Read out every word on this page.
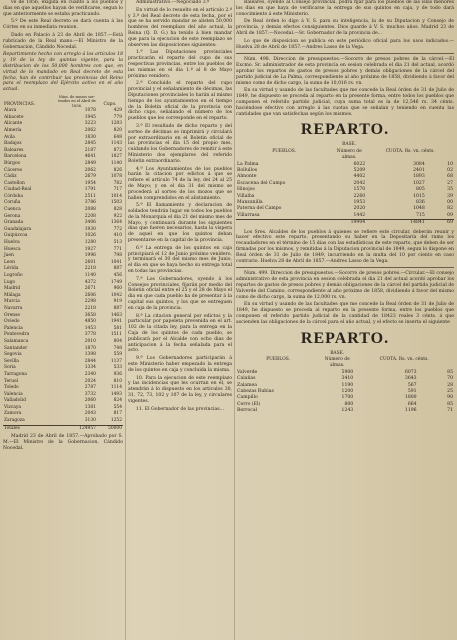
ve de 1856, exigida en cuanto á los pueblos y dias en que aquellos hayan de verificarse, segun lo que anteriormente se estaba practicando.

5.º De este Real decreto se dará cuenta á las Córtes en su inmediata reunion.

Dado en Palacio á 23 de Abril de 1857.—Está rubricado de la Real mano.—El Ministro de la Gobernacion, Cándido Nocedal.

Repartimiento hecho con arreglo á los artículos 18 y 19 de la ley de quintas vigente, para la distribucion de los 50,000 hombres con que, en virtud de lo mandado en Real decreto de esta fecha, han de contribuir las provincias del Reino para el reemplazo del Ejército activo en el año actual.

PROVINCIAS.	Núm. de mozos sor-teados en el Abril de 1856.	Cupo.
Alava	1078	429
Albacete	1945	779
Alicante	3223	1283
Almería	2062	820
Avila	1830	648
Badajoz	2845	1143
Baleares	2187	872
Barcelona	4641	1827
Búrgos	2849	1140
Cáceres	2062	826
Cádiz	2679	1078
Castellon	1954	782
Ciudad-Real	1791	717
Córdoba	2511	1014
Coruña	3786	1503
Cuenca	2088	828
Gerona	2208	922
Granada	3406	1364
Guadalajara	1930	772
Guipúzcoa	1026	410
Huelva	1280	513
Huesca	1927	771
Jaen	1996	798
Leon	2601	1041
Lérida	2218	887
Logroño	1140	456
Lugo	4372	1749
Madrid	2671	960
Málaga	2606	1042
Murcia	2298	919
Navarra	2218	887
Orense	3658	1463
Oviedo	4850	1941
Palencia	1453	581
Pontevedra	3778	1511
Salamanca	2010	804
Santander	1870	748
Segovia	1398	559
Sevilla	2844	1137
Soria	1334	533
Tarragona	2340	936
Teruel	2024	810
Toledo	2787	1114
Valencia	3732	1493
Valladolid	2060	824
Vizcaya	1381	554
Zamora	2043	817
Zaragoza	3130	1252
Totales	124957	50000

Madrid 23 de Abril de 1857.—Aprobado por S. M.—El Ministro de la Gobernacion, Cándido Nocedal.

Administrativo.—Negociado 3.º

En virtud de lo resuelto en el artículo 2.º y 3.º del Real decreto de esta fecha, por el que se ha servido mandar se alisten 50,000 hombres del reemplazo del año actual, la Reina (Q. D. G.) ha tenido á bien mandar que para la ejecucion de este reemplazo se observen las disposiciones siguientes:

1.ª Las Diputaciones provinciales practicarán el reparto del cupo de sus respectivas provincias, entre los pueblos de las mismas en el dia 1.º al 8 de Mayo próximo venidero.

2.ª Concluido el reparto del cupo provincial y el señalamiento de décimas, las Diputaciones provinciales lo harán al mismo tiempo de los ayuntamientos en el tiempo de la Boletin oficial de la provincia con dicho cupo, señalando el número de los pueblos que les corresponde en el reparto.

3.ª El resultado de dicho reparto y del sorteo de décimas se imprimirá y circulará por extraordinario en el Boletin oficial de las provincias el dia 15 del propio mes, cuidando los Gobernadores de remitir á este Ministerio dos ejemplares del referido Boletin extraordinario.

4.ª Los Ayuntamientos de los pueblos harán la citacion por edictos á que se refiere el artículo 74 de la ley, del 24 al 25 de Mayo; y en el dia 31 del mismo se procederá al sorteo de los mozos que se hallen comprendidos en el alistamiento.

5.ª El llamamiento y declaracion de soldados tendrán lugar en todos los pueblos de la Monarquía el dia 21 del mismo mes de Mayo, y continuará durante los siguientes dias que fueren necesarios, hasta la víspera de aquel en que los quintos deban presentarse en la capital de la provincia.

6.ª La entrega de los quintos en caja principiará el 12 de Junio próximo venidero, y terminará el 30 del mismo mes de Junio, el dia en que se haya hecho su entrega total en todas las provincias.

7.ª Los Gobernadores, oyendo á los Consejos provinciales, fijarán por medio del Boletin oficial entre el 25 y el 28 de Mayo el dia en que cada pueblo ha de presentar á la capital sus quintos, y los que se entreguen en caja de la provincia.

8.ª La citacion general por edictos y la particular por papeleta prevenida en el art. 102 de la citada ley, para la entrega en la Caja de los quintos de cada pueblo, se publicará por el Alcalde con ocho dias de anticipacion á la fecha señalada para el acto.

9.ª Los Gobernadores participarán á este Ministerio haber empezado la entrega de los quintos en caja y concluida la misma.

10. Para la ejecucion de este reemplazo y las incidencias que les ocurran en él, se atendrán á lo dispuesto en los artículos 30, 31, 72, 73, 102 y 107 de la ley, y circulares vigentes.

11. El Gobernador de las provincias...

Baleares, oyendo al Consejo provincial, podrá fijar para los pueblos de las islas menores los dias en que haya de verificarse la entrega de sus quintos en caja, y de todo dará conocimiento á este Ministerio.

De Real órden lo digo á V. S. para su inteligencia, la de su Diputacion y Consejo de provincia, y demás efectos consiguientes. Dios guarde á V. S. muchos años. Madrid 23 de Abril de 1857.—Nocedal.—Sr. Gobernador de la provincia de...

Lo que de disposicion se publica en este periódico oficial para los usos indicados.—Huelva 28 de Abril de 1857.—Andres Lasso de la Vega.

Núm. 498. Direccion de presupuestos.—Socorro de presos pobres de la cárcel.—El Excmo. Sr. administrador de esta provincia en sesion celebrada el dia 21 del actual, acordó aprobar los repartos de gastos de presos pobres y demás obligaciones de la cárcel del partido judicial de La Palma, correspondiente al año próximo de 1858, dividiendo á favor del mismo como de dicho cargo, la suma de 10,016 rs. vn.

En su virtud y usando de las facultades que me concede la Real órden de 31 de Julio de 1849, he dispuesto se proceda al reparto en la presente forma, entre todos los pueblos que componen el referido partido judicial, cuya suma total es la de 12,546 rs. 34 cénts. haciéndose efectivo con arreglo á las cuotas que se señalan y teniendo en cuenta las cantidades que van satisfechas según los mismos.

REPARTO.
PUEBLOS.	BASE. Número de almas.	CUOTA. Rs. vn. cénts.	
La Palma	6022	3084	10
Bollullos	5209	2401	02
Almonte	4402	1893	68
Escacena del Campo	2042	1027	27
Hinojos	1570	805	35
Villalba	2260	1015	39
Manzanilla	1953	836	00
Paterna del Campo	2020	1048	82
Villarrasa	1442	715	09
	19904	14841	69

Los Sres. Alcaldes de los pueblos á quienes se refiere este circular, deberán reunir y hacer efectivo este reparto, presentando su haber en la Depositaría del ramo los recaudadores en el término de 15 dias con las estadísticas de este reparto, que deben de ser firmadas por los mismos, y remitidas á la Diputacion provincial de 1849, segun lo dispone en Real órden de 31 de Julio de 1849, incurriendo en la multa del 10 por ciento en caso contrario. Huelva 28 de Abril de 1857.—Andres Lasso de la Vega.

Núm. 499. Direccion de presupuestos.—Socorro de presos pobres.—Circular.—El consejo administrativo de esta provincia en sesion celebrada el dia 21 del actual acordó aprobar los repartos de gastos de presos pobres y demás obligaciones de la cárcel del partido judicial de Valverde del Camino, correspondiente al año próximo de 1858, dividiendo á favor del mismo como de dicho cargo, la suma de 12,000 rs. vn.

En su virtud y usando de las facultades que me concede la Real órden de 31 de Julio de 1849, he dispuesto se proceda al reparto en la presente forma, entre los pueblos que componen el referido partido judicial de la cantidad de 18423 reales 3 cénts. á que ascienden las obligaciones de la cárcel para el año actual, y el efecto se inserta el siguiente

REPARTO.
PUEBLOS.	BASE. Número de almas.	CUOTA. Rs. vn. cénts.	
Valverde	5900	6073	85
Calañas	3410	3643	70
Zalamea	1190	567	28
Cabezas Rubias	1200	591	25
Campillo	1700	1800	90
Cerro (El)	800	664	85
Berrocal	1243	1196	71
